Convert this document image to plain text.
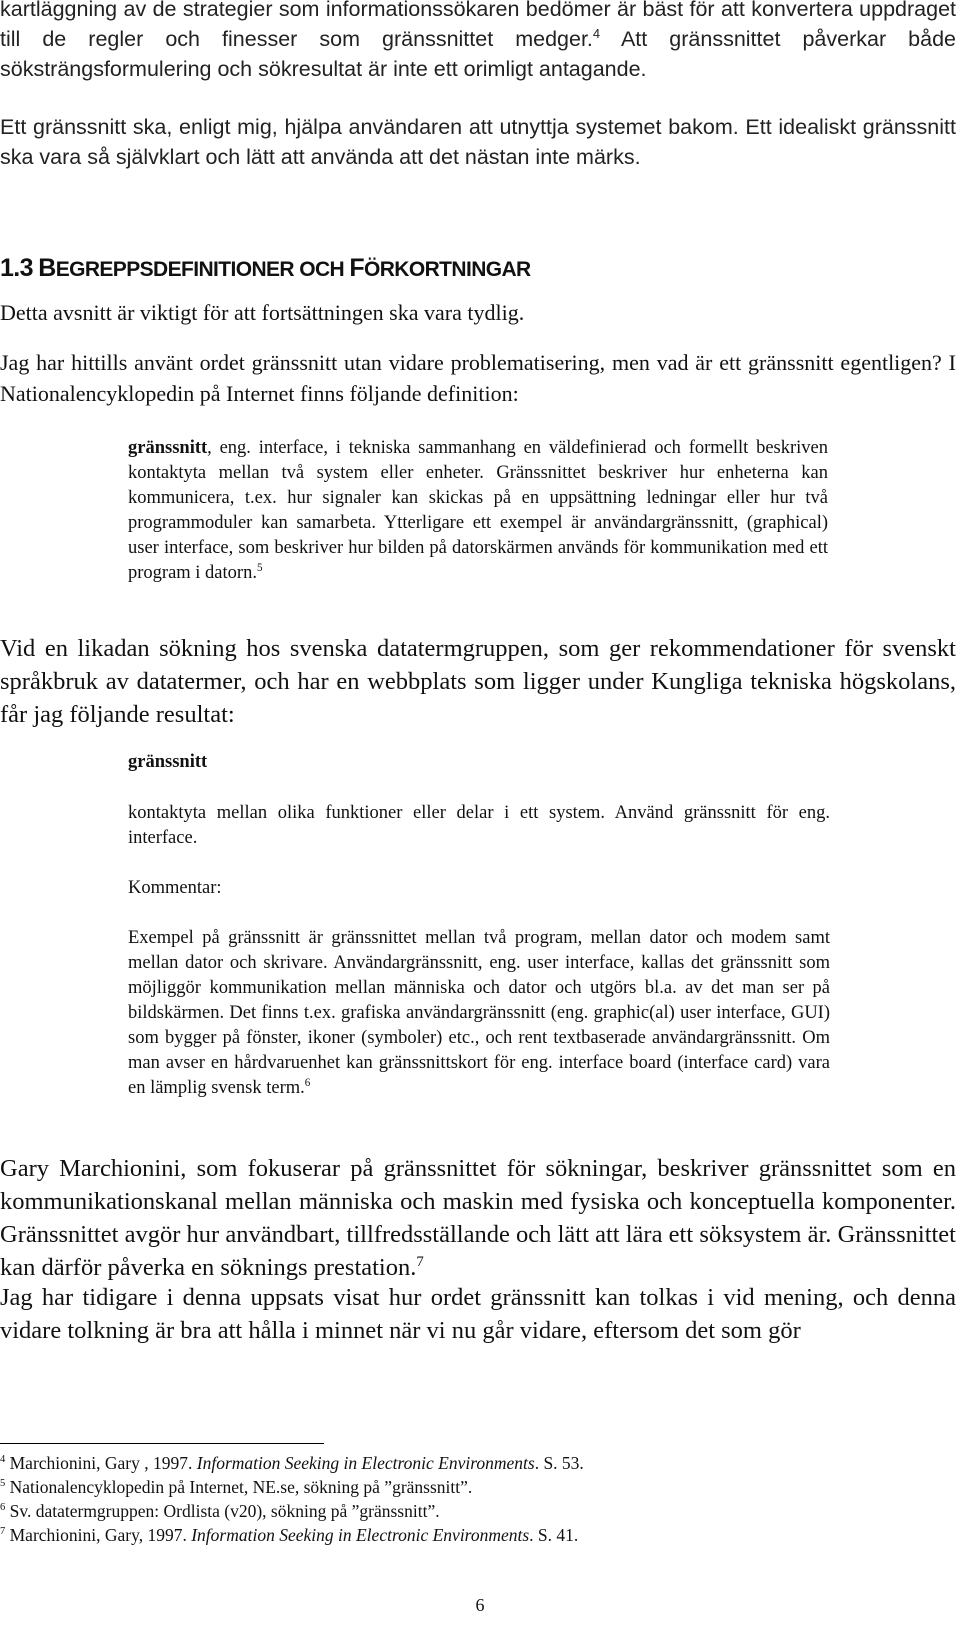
kartläggning av de strategier som informationssökaren bedömer är bäst för att konvertera uppdraget till de regler och finesser som gränssnittet medger.$^4$ Att gränssnittet påverkar både söksträngsformulering och sökresultat är inte ett orimligt antagande.

Ett gränssnitt ska, enligt mig, hjälpa användaren att utnyttja systemet bakom. Ett idealiskt gränssnitt ska vara så självklart och lätt att använda att det nästan inte märks.

1.3 BEGREPPSDEFINITIONER OCH FÖRKORTNINGAR

Detta avsnitt är viktigt för att fortsättningen ska vara tydlig.

Jag har hittills använt ordet gränssnitt utan vidare problematisering, men vad är ett gränssnitt egentligen? I Nationalencyklopedin på Internet finns följande definition:

gränssnitt, eng. interface, i tekniska sammanhang en väldefinierad och formellt beskriven kontaktyta mellan två system eller enheter. Gränssnittet beskriver hur enheterna kan kommunicera, t.ex. hur signaler kan skickas på en uppsättning ledningar eller hur två programmoduler kan samarbeta. Ytterligare ett exempel är användargränssnitt, (graphical) user interface, som beskriver hur bilden på datorskärmen används för kommunikation med ett program i datorn.$^5$

Vid en likadan sökning hos svenska datatermgruppen, som ger rekommendationer för svenskt språkbruk av datatermer, och har en webbplats som ligger under Kungliga tekniska högskolans, får jag följande resultat:

gränssnitt

kontaktyta mellan olika funktioner eller delar i ett system. Använd gränssnitt för eng. interface.

Kommentar:

Exempel på gränssnitt är gränssnittet mellan två program, mellan dator och modem samt mellan dator och skrivare. Användargränssnitt, eng. user interface, kallas det gränssnitt som möjliggör kommunikation mellan människa och dator och utgörs bl.a. av det man ser på bildskärmen. Det finns t.ex. grafiska användargränssnitt (eng. graphic(al) user interface, GUI) som bygger på fönster, ikoner (symboler) etc., och rent textbaserade användargränssnitt. Om man avser en hårdvaruenhet kan gränssnittskort för eng. interface board (interface card) vara en lämplig svensk term.$^6$

Gary Marchionini, som fokuserar på gränssnittet för sökningar, beskriver gränssnittet som en kommunikationskanal mellan människa och maskin med fysiska och konceptuella komponenter. Gränssnittet avgör hur användbart, tillfredsställande och lätt att lära ett söksystem är. Gränssnittet kan därför påverka en söknings prestation.$^7$

Jag har tidigare i denna uppsats visat hur ordet gränssnitt kan tolkas i vid mening, och denna vidare tolkning är bra att hålla i minnet när vi nu går vidare, eftersom det som gör

$^4$ Marchionini, Gary , 1997. Information Seeking in Electronic Environments. S. 53.
$^5$ Nationalencyklopedin på Internet, NE.se, sökning på ”gränssnitt”.
$^6$ Sv. datatermgruppen: Ordlista (v20), sökning på ”gränssnitt”.
$^7$ Marchionini, Gary, 1997. Information Seeking in Electronic Environments. S. 41.
6
